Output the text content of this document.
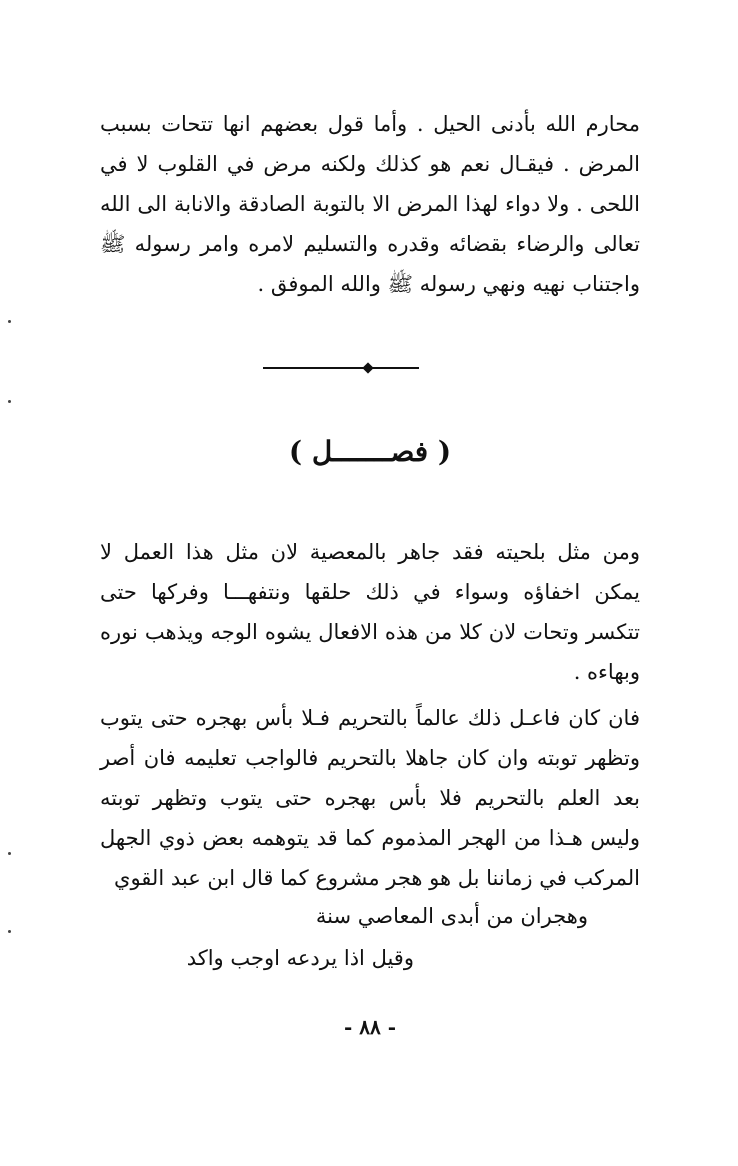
محارم الله بأدنى الحيل . وأما قول بعضهم انها تتحات بسبب المرض . فيقـال نعم هو كذلك ولكنه مرض في القلوب لا في اللحى . ولا دواء لهذا المرض الا بالتوبة الصادقة والانابة الى الله تعالى والرضاء بقضائه وقدره والتسليم لامره وامر رسوله ﷺ واجتناب نهيه ونهي رسوله ﷺ والله الموفق .

( فصـــــــل )

ومن مثل بلحيته فقد جاهر بالمعصية لان مثل هذا العمل لا يمكن اخفاؤه وسواء في ذلك حلقها ونتفهـــا وفركها حتى تتكسر وتحات لان كلا من هذه الافعال يشوه الوجه ويذهب نوره وبهاءه .

فان كان فاعـل ذلك عالماً بالتحريم فـلا بأس بهجره حتى يتوب وتظهر توبته وان كان جاهلا بالتحريم فالواجب تعليمه فان أصر بعد العلم بالتحريم فلا بأس بهجره حتى يتوب وتظهر توبته وليس هـذا من الهجر المذموم كما قد يتوهمه بعض ذوي الجهل المركب في زماننا بل هو هجر مشروع كما قال ابن عبد القوي

وهجران من أبدى المعاصي سنة

وقيل اذا يردعه اوجب واكد

- ٨٨ -
